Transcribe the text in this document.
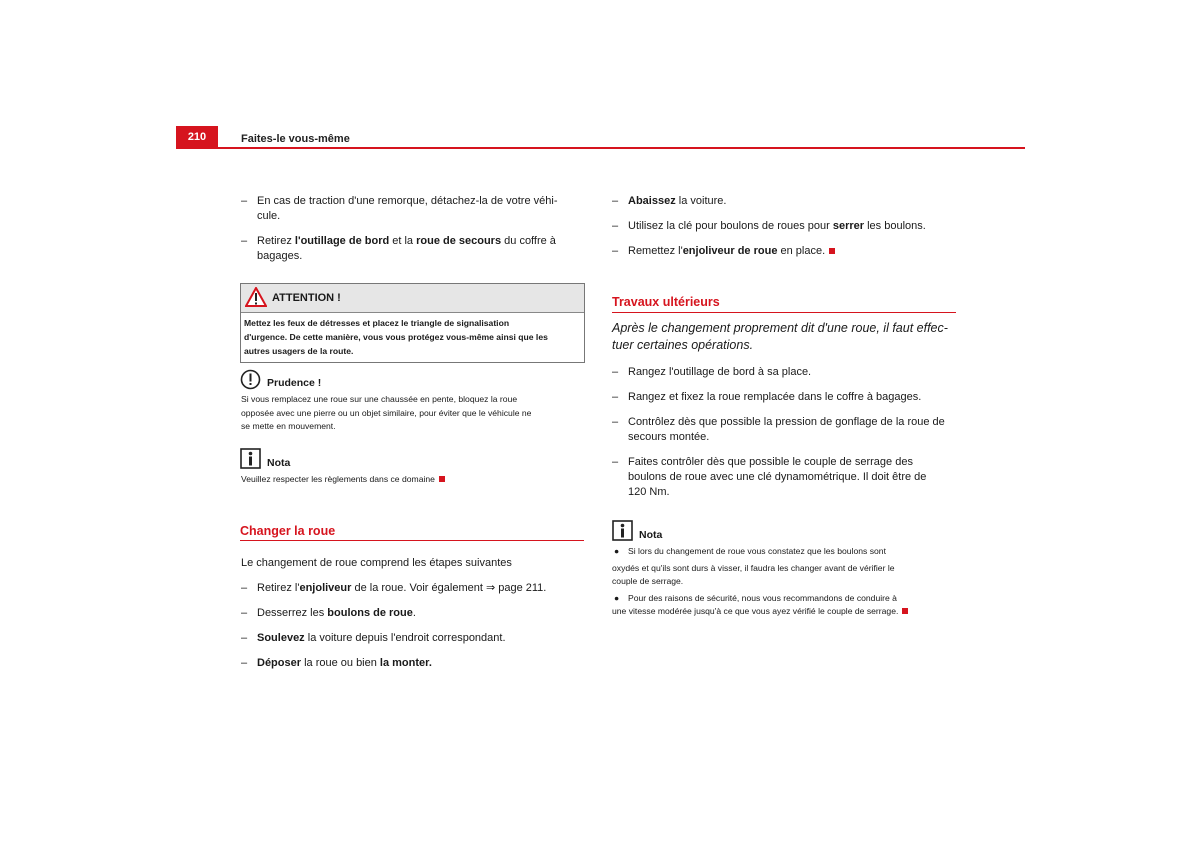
210	Faites-le vous-même
– En cas de traction d'une remorque, détachez-la de votre véhi-
cule.
– Retirez l'outillage de bord et la roue de secours du coffre à
bagages.
ATTENTION !
Mettez les feux de détresses et placez le triangle de signalisation
d'urgence. De cette manière, vous vous protégez vous-même ainsi que les
autres usagers de la route.
Prudence !
Si vous remplacez une roue sur une chaussée en pente, bloquez la roue
opposée avec une pierre ou un objet similaire, pour éviter que le véhicule ne
se mette en mouvement.
Nota
Veuillez respecter les règlements dans ce domaine
Changer la roue
Le changement de roue comprend les étapes suivantes
– Retirez l'enjoliveur de la roue. Voir également ⇒ page 211.
– Desserrez les boulons de roue.
– Soulevez la voiture depuis l'endroit correspondant.
– Déposer la roue ou bien la monter.
– Abaissez la voiture.
– Utilisez la clé pour boulons de roues pour serrer les boulons.
– Remettez l'enjoliveur de roue en place.
Travaux ultérieurs
Après le changement proprement dit d'une roue, il faut effec-
tuer certaines opérations.
– Rangez l'outillage de bord à sa place.
– Rangez et fixez la roue remplacée dans le coffre à bagages.
– Contrôlez dès que possible la pression de gonflage de la roue de
secours montée.
– Faites contrôler dès que possible le couple de serrage des
boulons de roue avec une clé dynamométrique. Il doit être de
120 Nm.
Nota
● Si lors du changement de roue vous constatez que les boulons sont
oxydés et qu'ils sont durs à visser, il faudra les changer avant de vérifier le
couple de serrage.
● Pour des raisons de sécurité, nous vous recommandons de conduire à
une vitesse modérée jusqu'à ce que vous ayez vérifié le couple de serrage.
